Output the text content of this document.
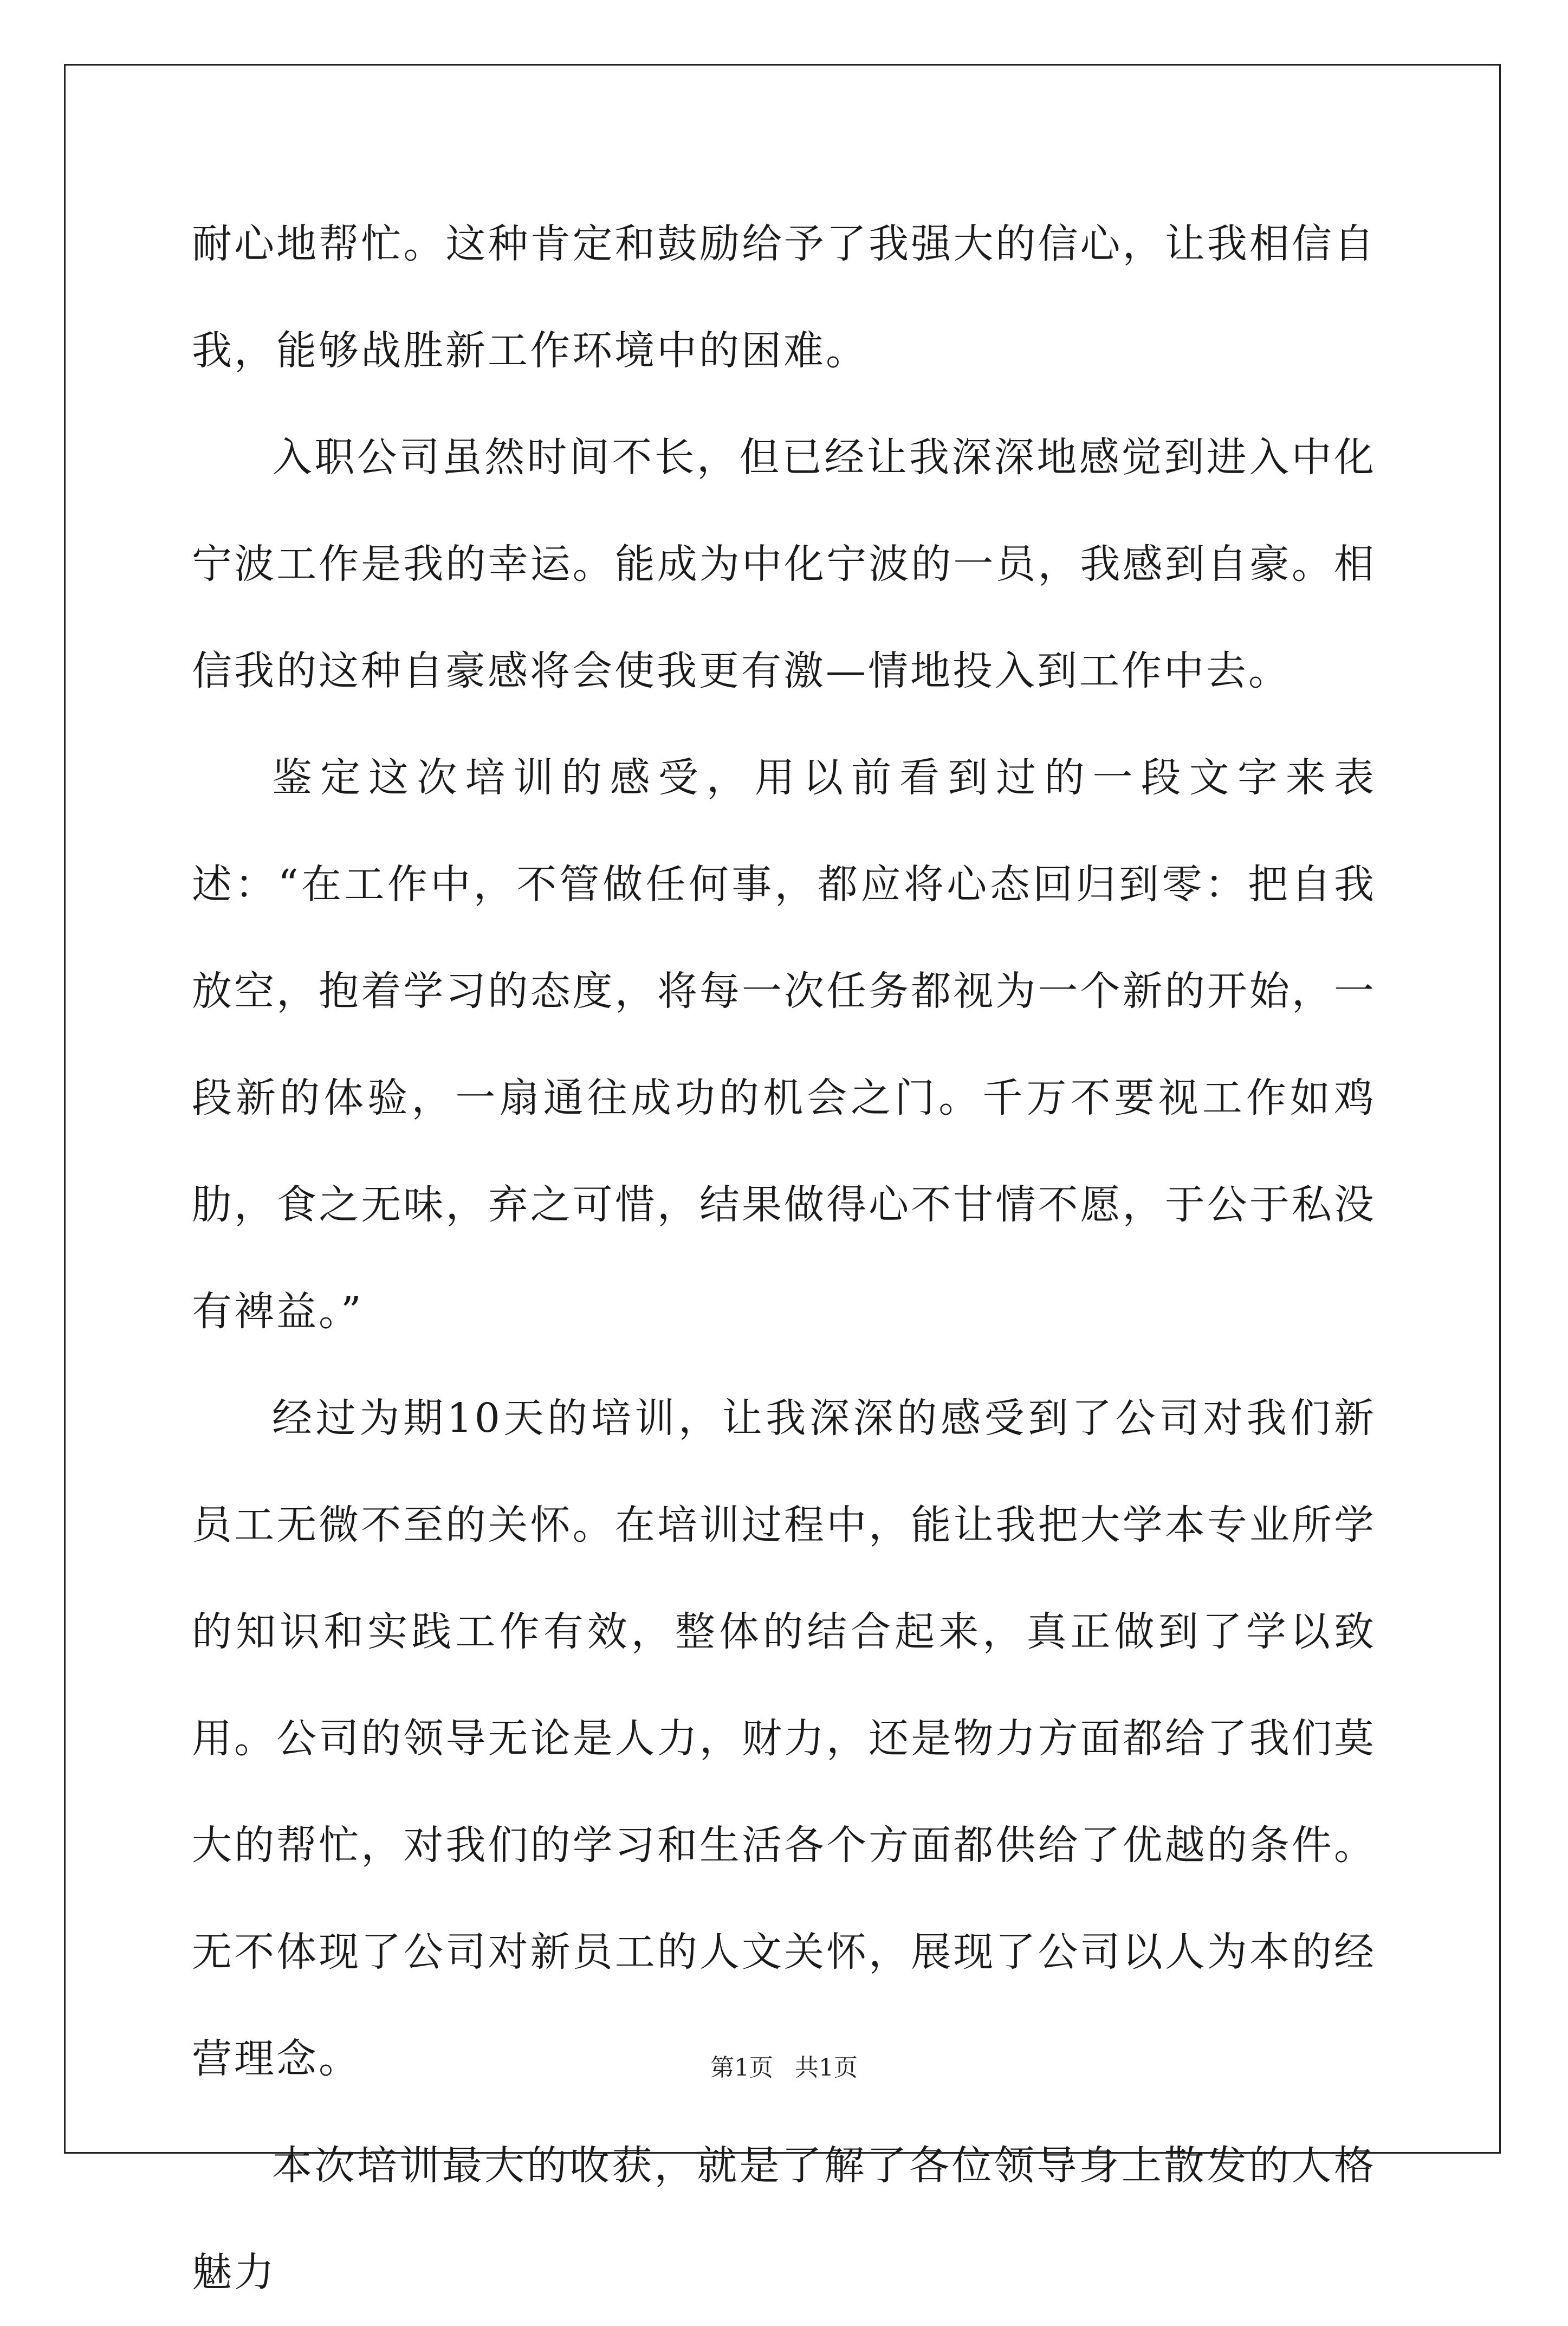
耐心地帮忙。这种肯定和鼓励给予了我强大的信心，让我相信自我，能够战胜新工作环境中的困难。

入职公司虽然时间不长，但已经让我深深地感觉到进入中化宁波工作是我的幸运。能成为中化宁波的一员，我感到自豪。相信我的这种自豪感将会使我更有激—情地投入到工作中去。

鉴定这次培训的感受，用以前看到过的一段文字来表述：“在工作中，不管做任何事，都应将心态回归到零：把自我放空，抱着学习的态度，将每一次任务都视为一个新的开始，一段新的体验，一扇通往成功的机会之门。千万不要视工作如鸡肋，食之无味，弃之可惜，结果做得心不甘情不愿，于公于私没有裨益。”

经过为期10天的培训，让我深深的感受到了公司对我们新员工无微不至的关怀。在培训过程中，能让我把大学本专业所学的知识和实践工作有效，整体的结合起来，真正做到了学以致用。公司的领导无论是人力，财力，还是物力方面都给了我们莫大的帮忙，对我们的学习和生活各个方面都供给了优越的条件。无不体现了公司对新员工的人文关怀，展现了公司以人为本的经营理念。

本次培训最大的收获，就是了解了各位领导身上散发的人格魅力

第1页 共1页
